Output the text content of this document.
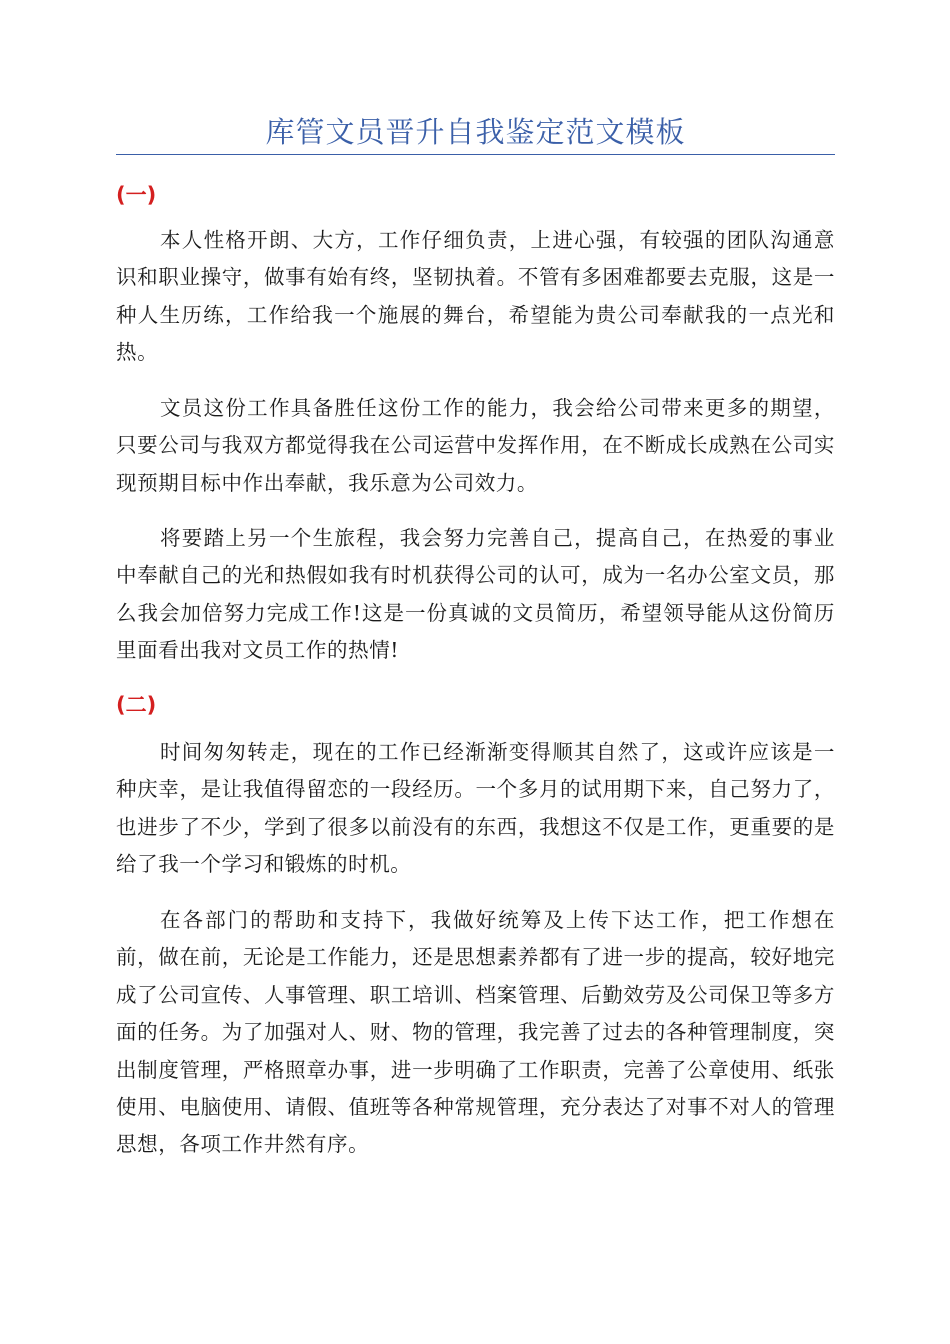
库管文员晋升自我鉴定范文模板
(一)

本人性格开朗、大方，工作仔细负责，上进心强，有较强的团队沟通意识和职业操守，做事有始有终，坚韧执着。不管有多困难都要去克服，这是一种人生历练，工作给我一个施展的舞台，希望能为贵公司奉献我的一点光和热。

文员这份工作具备胜任这份工作的能力，我会给公司带来更多的期望，只要公司与我双方都觉得我在公司运营中发挥作用，在不断成长成熟在公司实现预期目标中作出奉献，我乐意为公司效力。

将要踏上另一个生旅程，我会努力完善自己，提高自己，在热爱的事业中奉献自己的光和热假如我有时机获得公司的认可，成为一名办公室文员，那么我会加倍努力完成工作!这是一份真诚的文员简历，希望领导能从这份简历里面看出我对文员工作的热情!

(二)

时间匆匆转走，现在的工作已经渐渐变得顺其自然了，这或许应该是一种庆幸，是让我值得留恋的一段经历。一个多月的试用期下来，自己努力了，也进步了不少，学到了很多以前没有的东西，我想这不仅是工作，更重要的是给了我一个学习和锻炼的时机。

在各部门的帮助和支持下，我做好统筹及上传下达工作，把工作想在前，做在前，无论是工作能力，还是思想素养都有了进一步的提高，较好地完成了公司宣传、人事管理、职工培训、档案管理、后勤效劳及公司保卫等多方面的任务。为了加强对人、财、物的管理，我完善了过去的各种管理制度，突出制度管理，严格照章办事，进一步明确了工作职责，完善了公章使用、纸张使用、电脑使用、请假、值班等各种常规管理，充分表达了对事不对人的管理思想，各项工作井然有序。
